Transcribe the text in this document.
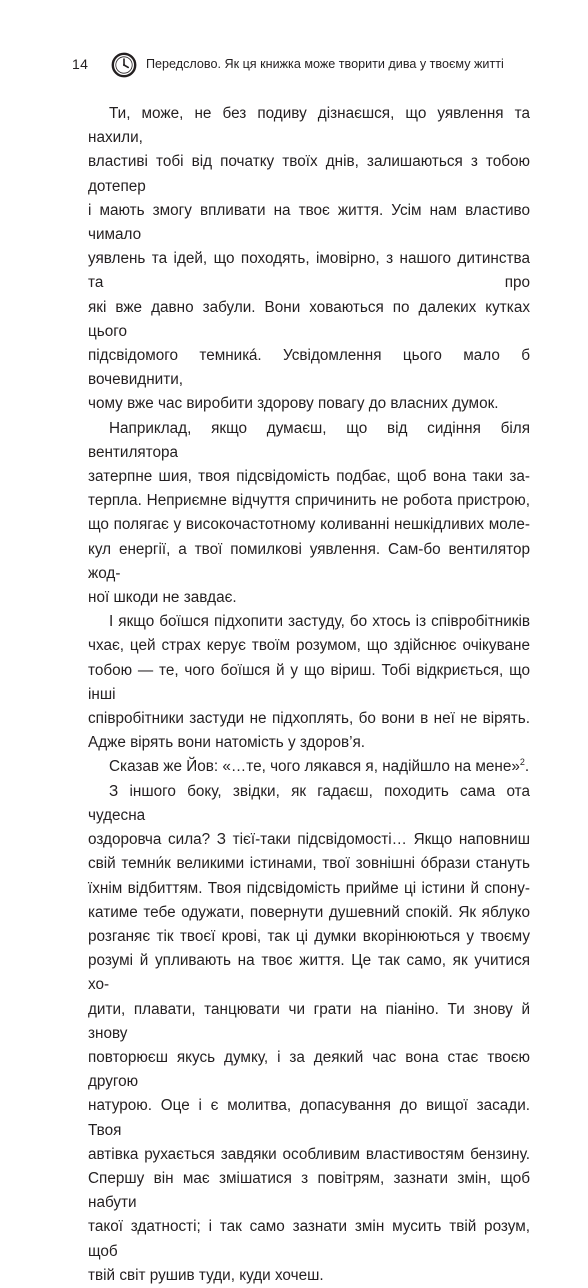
14	Передслово. Як ця книжка може творити дива у твоєму житті

Ти, може, не без подиву дізнаєшся, що уявлення та нахили,

властиві тобі від початку твоїх днів, залишаються з тобою дотепер

і мають змогу впливати на твоє життя. Усім нам властиво чимало

уявлень та ідей, що походять, імовірно, з нашого дитинства та про

які вже давно забули. Вони ховаються по далеких кутках цього

підсвідомого темникá. Усвідомлення цього мало б вочевиднити,

чому вже час виробити здорову повагу до власних думок.

Наприклад, якщо думаєш, що від сидіння біля вентилятора

затерпне шия, твоя підсвідомість подбає, щоб вона таки за-

терпла. Неприємне відчуття спричинить не робота пристрою,

що полягає у високочастотному коливанні нешкідливих моле-

кул енергії, а твої помилкові уявлення. Сам-бо вентилятор жод-

ної шкоди не завдає.

І якщо боїшся підхопити застуду, бо хтось із співробітників

чхає, цей страх керує твоїм розумом, що здійснює очікуване

тобою — те, чого боїшся й у що віриш. Тобі відкриється, що інші

співробітники застуди не підхоплять, бо вони в неї не вірять.

Адже вірять вони натомість у здоров’я.

Сказав же Йов: «…те, чого лякався я, надійшло на мене»$^2$.

З іншого боку, звідки, як гадаєш, походить сама ота чудесна

оздоровча сила? З тієї-таки підсвідомості… Якщо наповниш

свій темни́к великими істинами, твої зовнішні óбрази стануть

їхнім відбиттям. Твоя підсвідомість прийме ці істини й спону-

катиме тебе одужати, повернути душевний спокій. Як яблуко

розганяє тік твоєї крові, так ці думки вкорінюються у твоєму

розумі й упливають на твоє життя. Це так само, як учитися хо-

дити, плавати, танцювати чи грати на піаніно. Ти знову й знову

повторюєш якусь думку, і за деякий час вона стає твоєю другою

натурою. Оце і є молитва, допасування до вищої засади. Твоя

автівка рухається завдяки особливим властивостям бензину.

Спершу він має змішатися з повітрям, зазнати змін, щоб набути

такої здатності; і так само зазнати змін мусить твій розум, щоб

твій світ рушив туди, куди хочеш.
